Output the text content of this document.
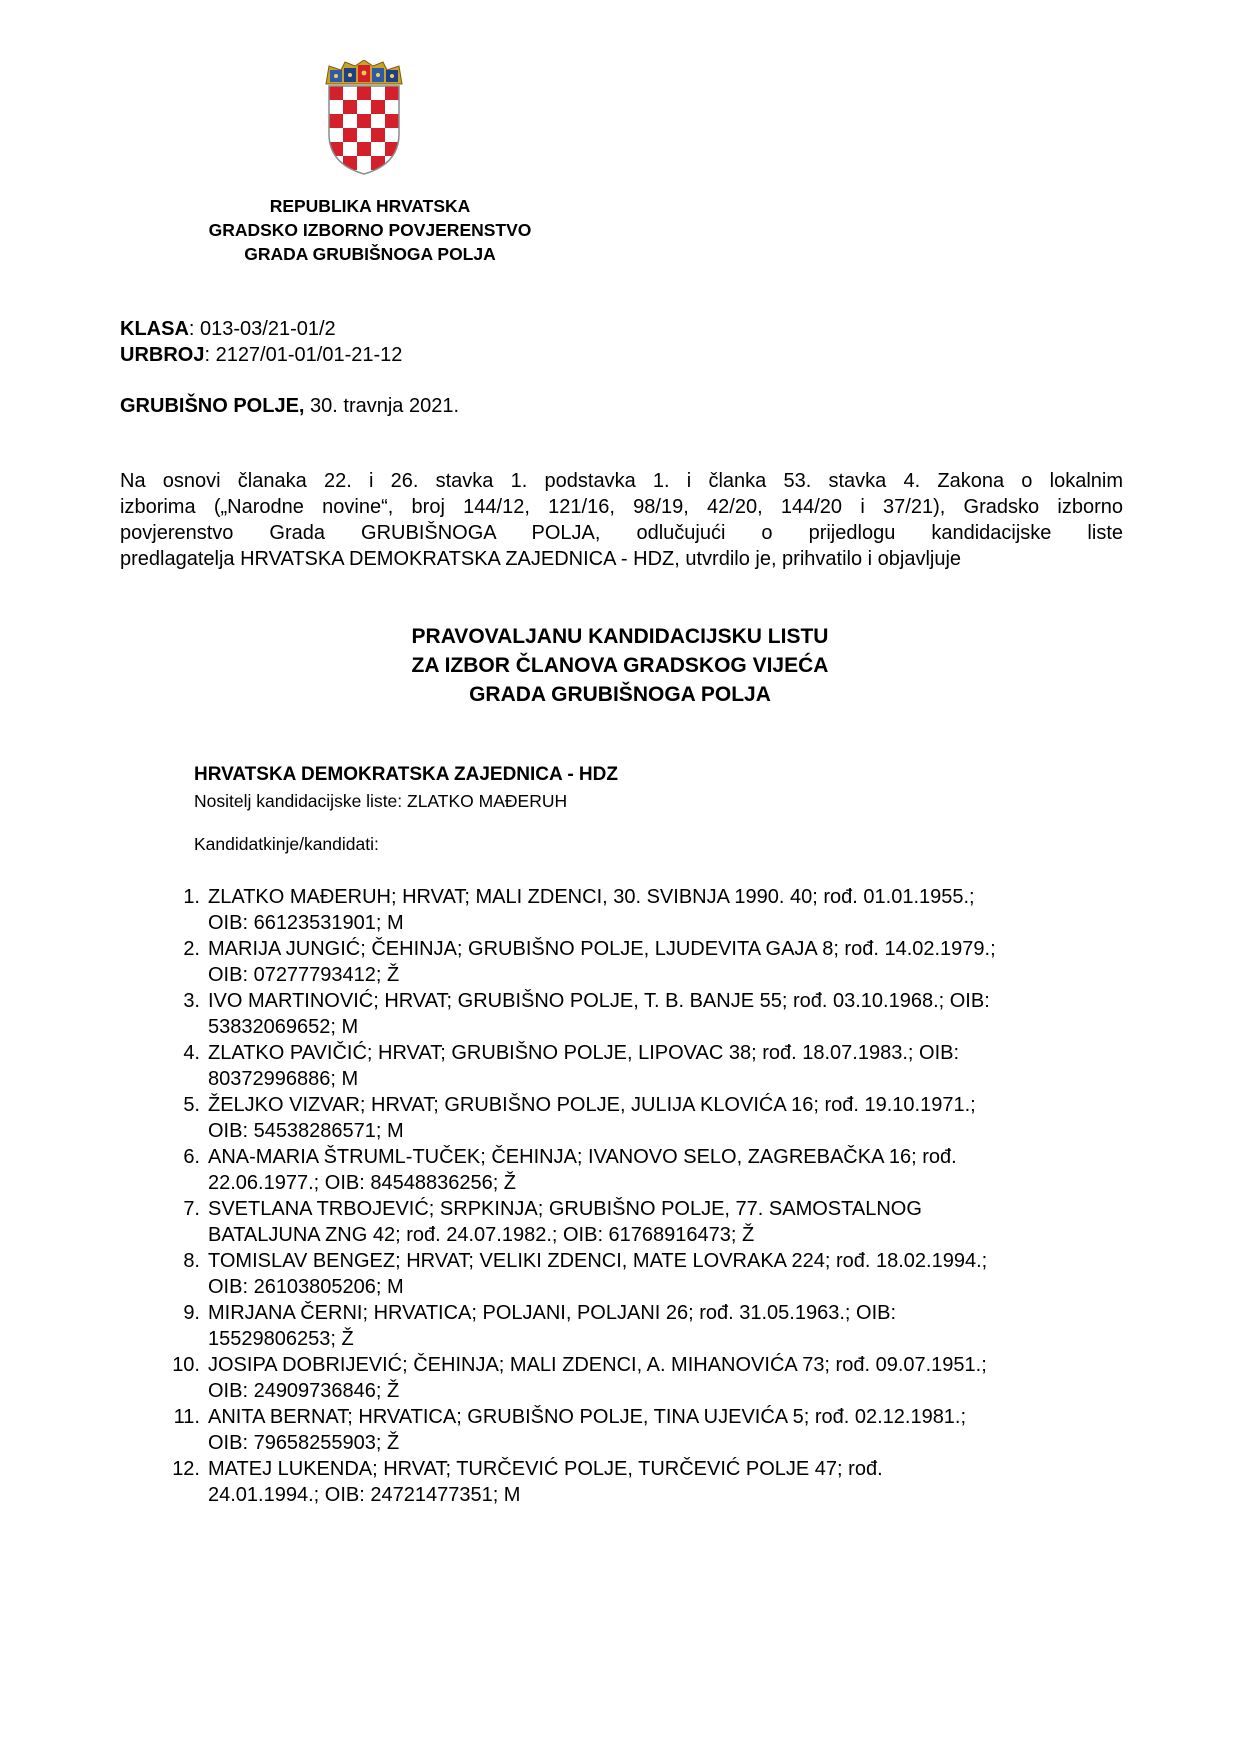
REPUBLIKA HRVATSKA
GRADSKO IZBORNO POVJERENSTVO
GRADA GRUBIŠNOGA POLJA
KLASA: 013-03/21-01/2
URBROJ: 2127/01-01/01-21-12
GRUBIŠNO POLJE, 30. travnja 2021.

Na osnovi članaka 22. i 26. stavka 1. podstavka 1. i članka 53. stavka 4. Zakona o lokalnim

izborima („Narodne novine“, broj 144/12, 121/16, 98/19, 42/20, 144/20 i 37/21), Gradsko izborno

povjerenstvo Grada GRUBIŠNOGA POLJA, odlučujući o prijedlogu kandidacijske liste

predlagatelja HRVATSKA DEMOKRATSKA ZAJEDNICA - HDZ, utvrdilo je, prihvatilo i objavljuje

PRAVOVALJANU KANDIDACIJSKU LISTU
ZA IZBOR ČLANOVA GRADSKOG VIJEĆA
GRADA GRUBIŠNOGA POLJA
HRVATSKA DEMOKRATSKA ZAJEDNICA - HDZ
Nositelj kandidacijske liste: ZLATKO MAĐERUH
Kandidatkinje/kandidati:
1. ZLATKO MAĐERUH; HRVAT; MALI ZDENCI, 30. SVIBNJA 1990. 40; rođ. 01.01.1955.;
OIB: 66123531901; M
2. MARIJA JUNGIĆ; ČEHINJA; GRUBIŠNO POLJE, LJUDEVITA GAJA 8; rođ. 14.02.1979.;
OIB: 07277793412; Ž
3. IVO MARTINOVIĆ; HRVAT; GRUBIŠNO POLJE, T. B. BANJE 55; rođ. 03.10.1968.; OIB:
53832069652; M
4. ZLATKO PAVIČIĆ; HRVAT; GRUBIŠNO POLJE, LIPOVAC 38; rođ. 18.07.1983.; OIB:
80372996886; M
5. ŽELJKO VIZVAR; HRVAT; GRUBIŠNO POLJE, JULIJA KLOVIĆA 16; rođ. 19.10.1971.;
OIB: 54538286571; M
6. ANA-MARIA ŠTRUML-TUČEK; ČEHINJA; IVANOVO SELO, ZAGREBAČKA 16; rođ.
22.06.1977.; OIB: 84548836256; Ž
7. SVETLANA TRBOJEVIĆ; SRPKINJA; GRUBIŠNO POLJE, 77. SAMOSTALNOG
BATALJUNA ZNG 42; rođ. 24.07.1982.; OIB: 61768916473; Ž
8. TOMISLAV BENGEZ; HRVAT; VELIKI ZDENCI, MATE LOVRAKA 224; rođ. 18.02.1994.;
OIB: 26103805206; M
9. MIRJANA ČERNI; HRVATICA; POLJANI, POLJANI 26; rođ. 31.05.1963.; OIB:
15529806253; Ž
10. JOSIPA DOBRIJEVIĆ; ČEHINJA; MALI ZDENCI, A. MIHANOVIĆA 73; rođ. 09.07.1951.;
OIB: 24909736846; Ž
11. ANITA BERNAT; HRVATICA; GRUBIŠNO POLJE, TINA UJEVIĆA 5; rođ. 02.12.1981.;
OIB: 79658255903; Ž
12. MATEJ LUKENDA; HRVAT; TURČEVIĆ POLJE, TURČEVIĆ POLJE 47; rođ.
24.01.1994.; OIB: 24721477351; M
